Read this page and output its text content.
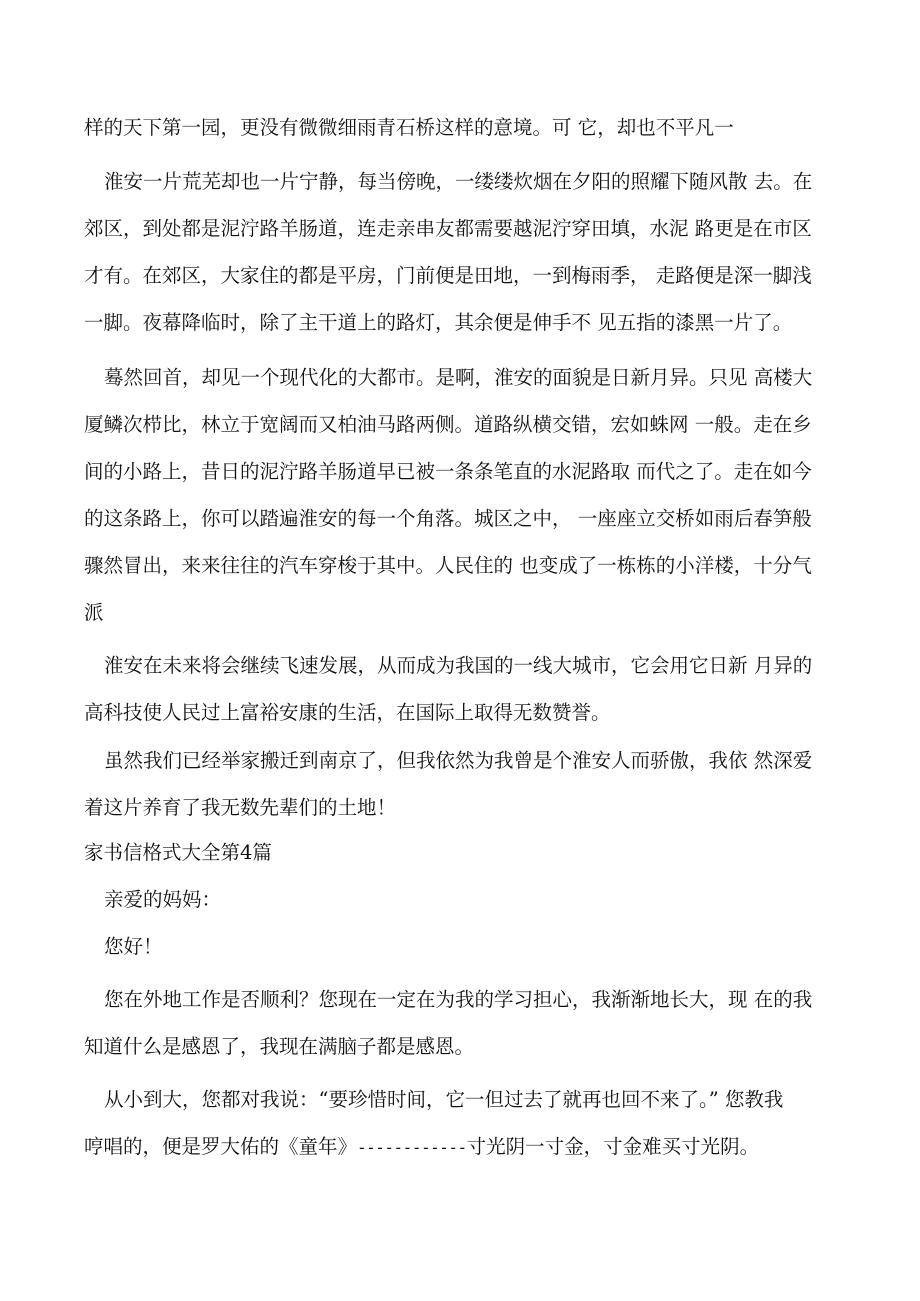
样的天下第一园，更没有微微细雨青石桥这样的意境。可 它，却也不平凡一
淮安一片荒芜却也一片宁静，每当傍晚，一缕缕炊烟在夕阳的照耀下随风散 去。在
郊区，到处都是泥泞路羊肠道，连走亲串友都需要越泥泞穿田填，水泥 路更是在市区
才有。在郊区，大家住的都是平房，门前便是田地，一到梅雨季， 走路便是深一脚浅
一脚。夜幕降临时，除了主干道上的路灯，其余便是伸手不 见五指的漆黑一片了。
蓦然回首，却见一个现代化的大都市。是啊，淮安的面貌是日新月异。只见 高楼大
厦鳞次栉比，林立于宽阔而又柏油马路两侧。道路纵横交错，宏如蛛网 一般。走在乡
间的小路上，昔日的泥泞路羊肠道早已被一条条笔直的水泥路取 而代之了。走在如今
的这条路上，你可以踏遍淮安的每一个角落。城区之中， 一座座立交桥如雨后春笋般
骤然冒出，来来往往的汽车穿梭于其中。人民住的 也变成了一栋栋的小洋楼，十分气
派
淮安在未来将会继续飞速发展，从而成为我国的一线大城市，它会用它日新 月异的
高科技使人民过上富裕安康的生活，在国际上取得无数赞誉。
虽然我们已经举家搬迁到南京了，但我依然为我曾是个淮安人而骄傲，我依 然深爱
着这片养育了我无数先辈们的土地！
家书信格式大全第4篇
亲爱的妈妈：
您好！
您在外地工作是否顺利？您现在一定在为我的学习担心，我渐渐地长大，现 在的我
知道什么是感恩了，我现在满脑子都是感恩。
从小到大，您都对我说：“要珍惜时间，它一但过去了就再也回不来了。” 您教我
哼唱的，便是罗大佑的《童年》------------寸光阴一寸金，寸金难买寸光阴。
